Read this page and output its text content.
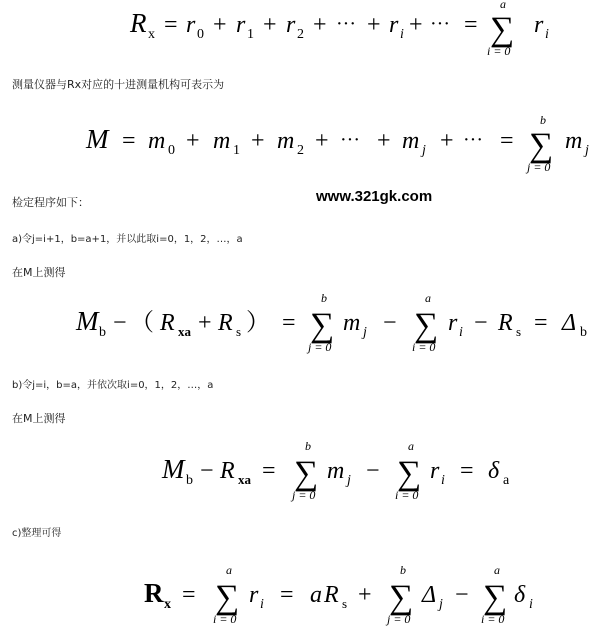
R x = r 0 + r 1 + r 2 + ··· + r i + ··· =
a
∑
i = 0
r i
测量仪器与Rx对应的十进测量机构可表示为
M = m 0 + m 1 + m 2 + ··· + m j + ··· =
b
∑
j = 0
m j
检定程序如下：	www.321gk.com
a)令j=i+1，b=a+1，并以此取i=0，1，2，…，a
在M上测得
M b − （ R xa + R s ） =
b
∑
j = 0
m j −
a
∑
i = 0
r i − R s = Δ b
b)令j=i，b=a，并依次取i=0，1，2，…，a
在M上测得
M b − R xa =
b
∑
j = 0
m j −
a
∑
i = 0
r i = δ a
c)整理可得
R x =
a
∑
i = 0
r i = a R s +
b
∑
j = 0
Δ j −
a
∑
i = 0
δ i
